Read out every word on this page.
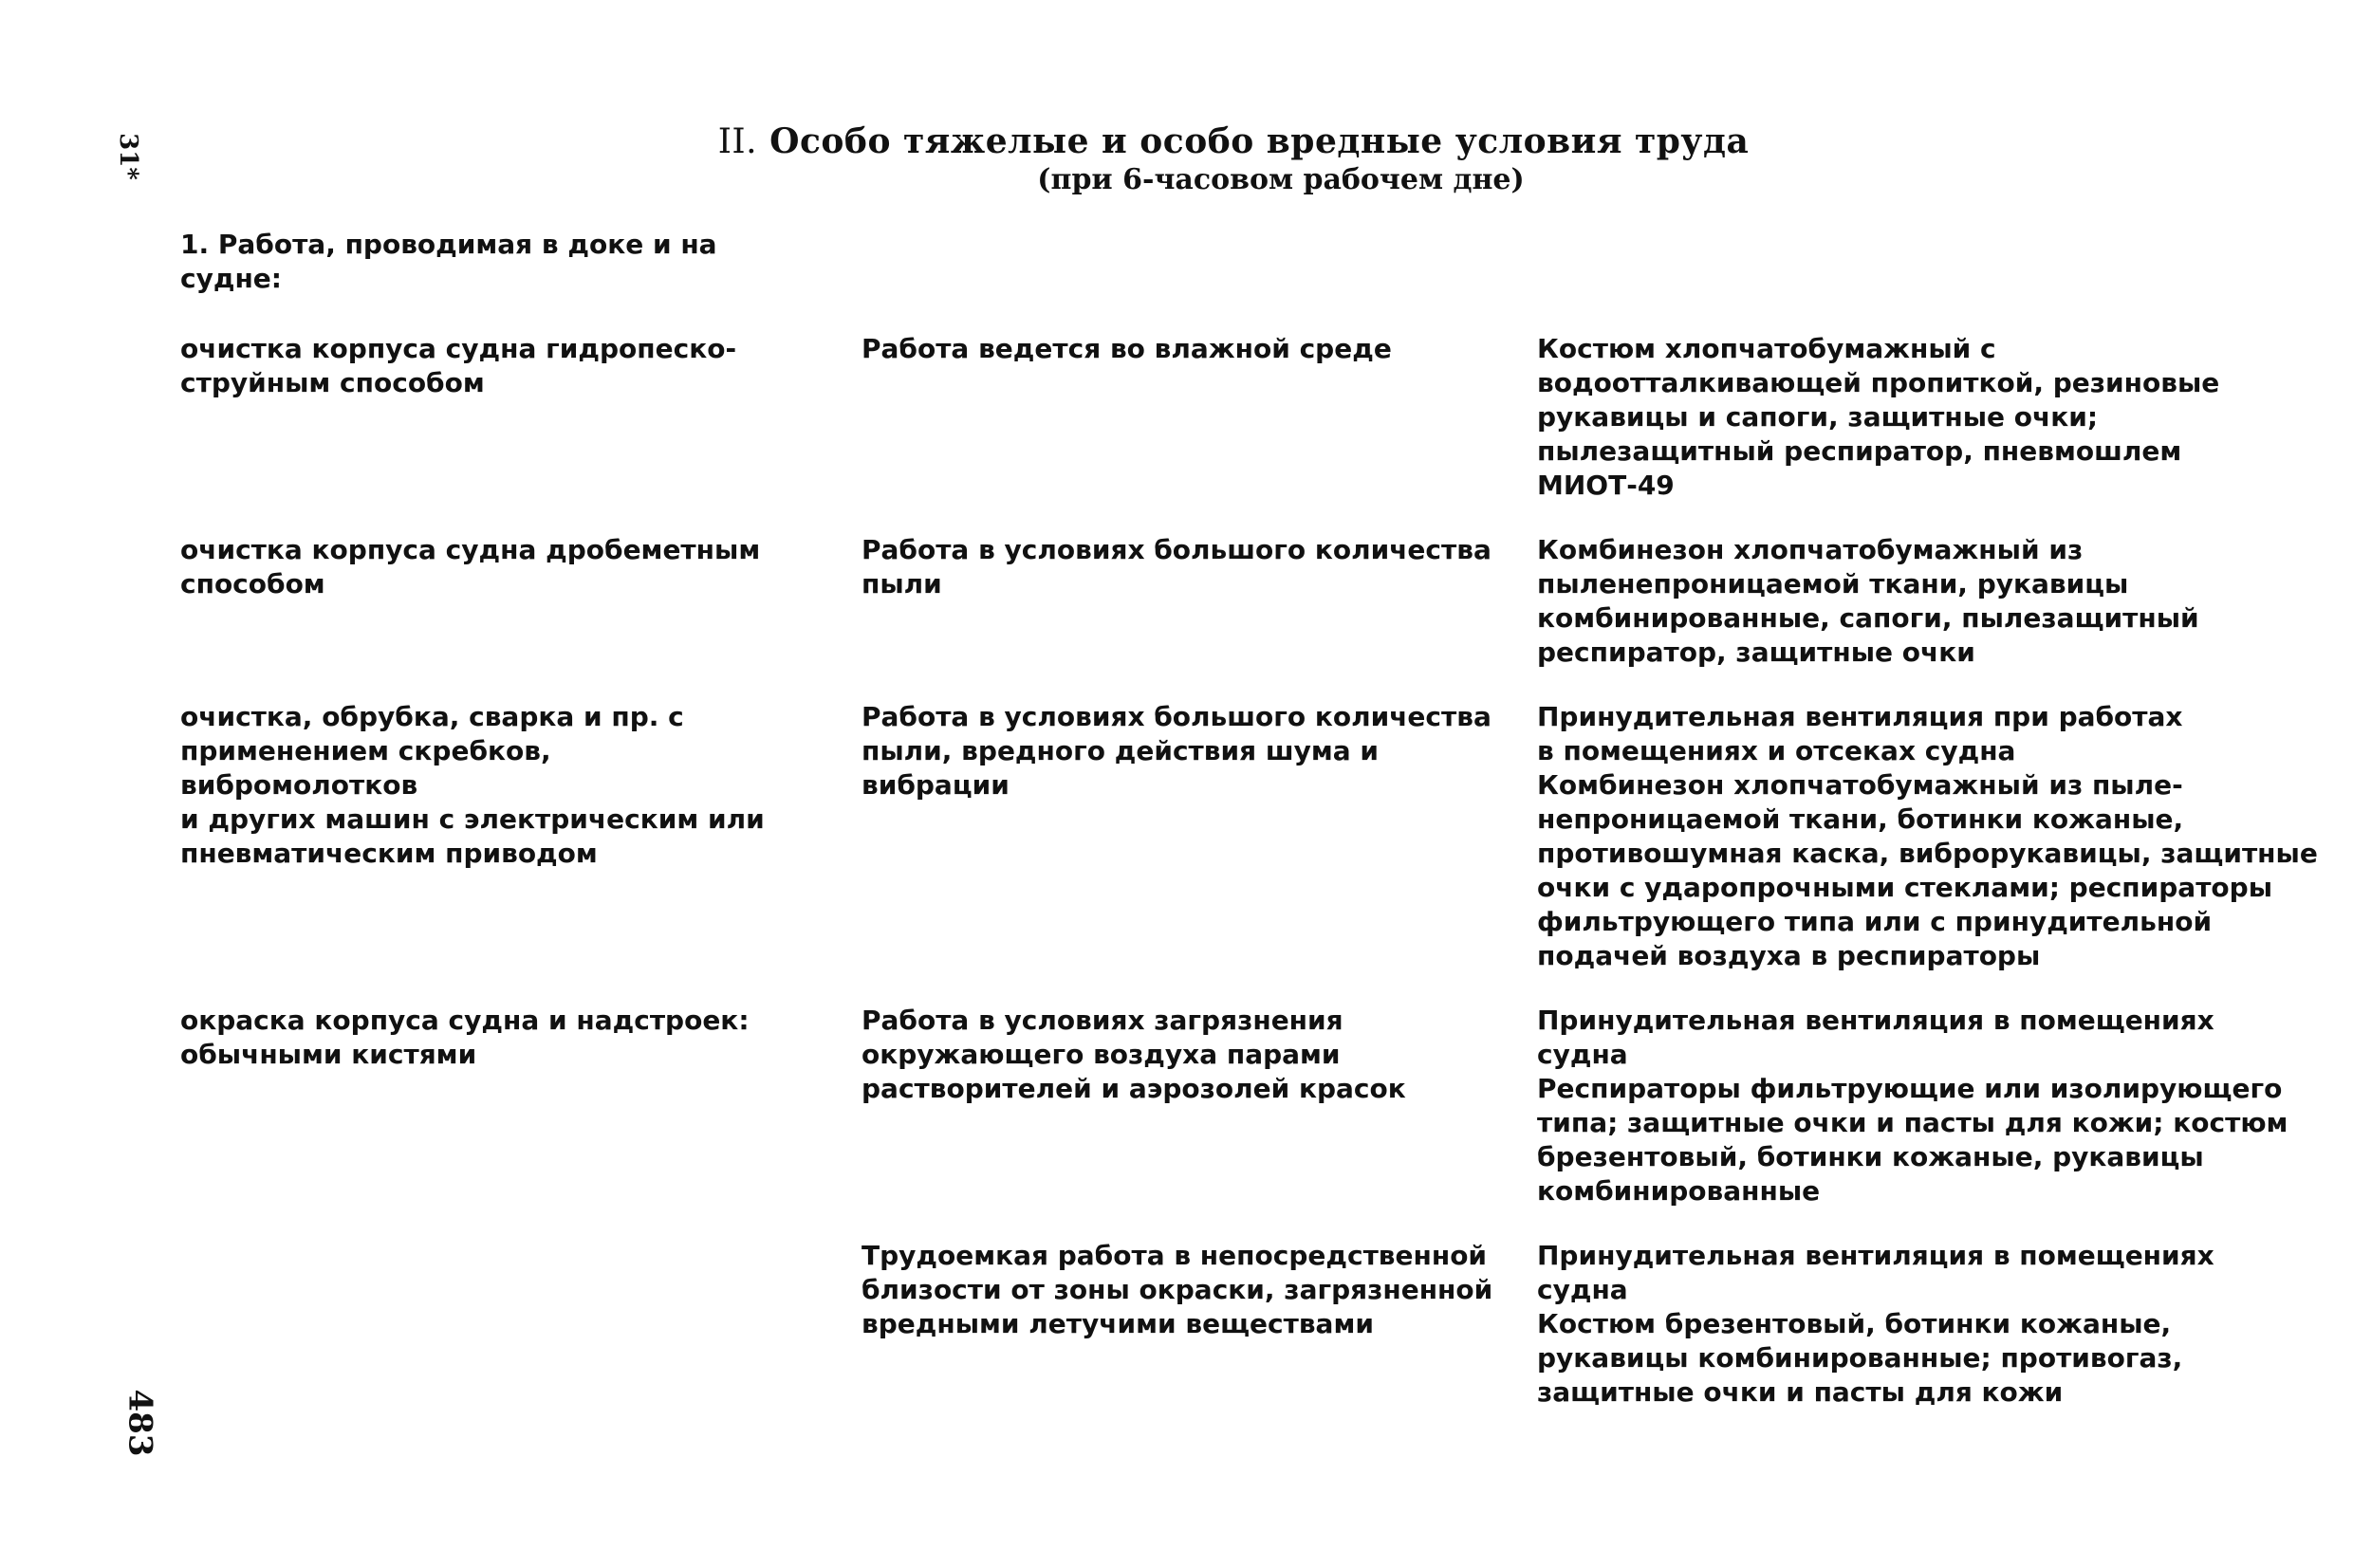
31*
483
II. Особо тяжелые и особо вредные условия труда
(при 6-часовом рабочем дне)

1. Работа, проводимая в доке и на
судне:

очистка корпуса судна гидропеско-
струйным способом

Работа ведется во влажной среде	Костюм хлопчатобумажный с
водоотталкивающей пропиткой, резиновые
рукавицы и сапоги, защитные очки;
пылезащитный респиратор, пневмошлем
МИОТ-49

очистка корпуса судна дробеметным
способом

Работа в условиях большого количества
пыли

Комбинезон хлопчатобумажный из
пыленепроницаемой ткани, рукавицы
комбинированные, сапоги, пылезащитный
респиратор, защитные очки

очистка, обрубка, сварка и пр. с
применением скребков, вибромолотков
и других машин с электрическим или
пневматическим приводом

Работа в условиях большого количества
пыли, вредного действия шума и
вибрации

Принудительная вентиляция при работах
в помещениях и отсеках судна
Комбинезон хлопчатобумажный из пыле-
непроницаемой ткани, ботинки кожаные,
противошумная каска, виброрукавицы, защитные
очки с ударопрочными стеклами; респираторы
фильтрующего типа или с принудительной
подачей воздуха в респираторы

окраска корпуса судна и надстроек:
обычными кистями

Работа в условиях загрязнения
окружающего воздуха парами
растворителей и аэрозолей красок

Принудительная вентиляция в помещениях
судна
Респираторы фильтрующие или изолирующего
типа; защитные очки и пасты для кожи; костюм
брезентовый, ботинки кожаные, рукавицы
комбинированные

Трудоемкая работа в непосредственной
близости от зоны окраски, загрязненной
вредными летучими веществами

Принудительная вентиляция в помещениях
судна
Костюм брезентовый, ботинки кожаные,
рукавицы комбинированные; противогаз,
защитные очки и пасты для кожи
